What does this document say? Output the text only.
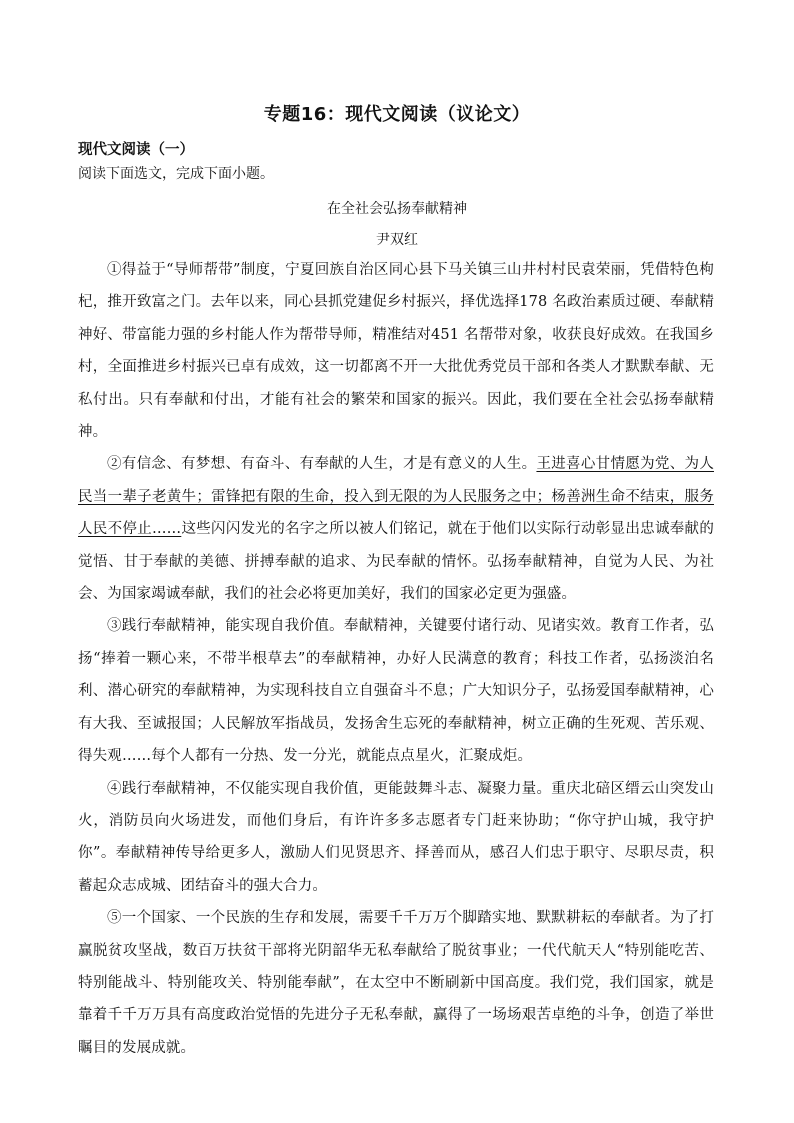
专题16：现代文阅读（议论文）
现代文阅读（一）
阅读下面选文，完成下面小题。
在全社会弘扬奉献精神
尹双红

①得益于“导师帮带”制度，宁夏回族自治区同心县下马关镇三山井村村民袁荣丽，凭借特色枸杞，推开致富之门。去年以来，同心县抓党建促乡村振兴，择优选择178 名政治素质过硬、奉献精神好、带富能力强的乡村能人作为帮带导师，精准结对451 名帮带对象，收获良好成效。在我国乡村，全面推进乡村振兴已卓有成效，这一切都离不开一大批优秀党员干部和各类人才默默奉献、无私付出。只有奉献和付出，才能有社会的繁荣和国家的振兴。因此，我们要在全社会弘扬奉献精神。

②有信念、有梦想、有奋斗、有奉献的人生，才是有意义的人生。王进喜心甘情愿为党、为人民当一辈子老黄牛；雷锋把有限的生命，投入到无限的为人民服务之中；杨善洲生命不结束，服务人民不停止……这些闪闪发光的名字之所以被人们铭记，就在于他们以实际行动彰显出忠诚奉献的觉悟、甘于奉献的美德、拼搏奉献的追求、为民奉献的情怀。弘扬奉献精神，自觉为人民、为社会、为国家竭诚奉献，我们的社会必将更加美好，我们的国家必定更为强盛。

③践行奉献精神，能实现自我价值。奉献精神，关键要付诸行动、见诸实效。教育工作者，弘扬“捧着一颗心来，不带半根草去”的奉献精神，办好人民满意的教育；科技工作者，弘扬淡泊名利、潜心研究的奉献精神，为实现科技自立自强奋斗不息；广大知识分子，弘扬爱国奉献精神，心有大我、至诚报国；人民解放军指战员，发扬舍生忘死的奉献精神，树立正确的生死观、苦乐观、得失观……每个人都有一分热、发一分光，就能点点星火，汇聚成炬。

④践行奉献精神，不仅能实现自我价值，更能鼓舞斗志、凝聚力量。重庆北碚区缙云山突发山火，消防员向火场进发，而他们身后，有许许多多志愿者专门赶来协助；“你守护山城，我守护你”。奉献精神传导给更多人，激励人们见贤思齐、择善而从，感召人们忠于职守、尽职尽责，积蓄起众志成城、团结奋斗的强大合力。

⑤一个国家、一个民族的生存和发展，需要千千万万个脚踏实地、默默耕耘的奉献者。为了打赢脱贫攻坚战，数百万扶贫干部将光阴韶华无私奉献给了脱贫事业；一代代航天人“特别能吃苦、特别能战斗、特别能攻关、特别能奉献”，在太空中不断刷新中国高度。我们党，我们国家，就是靠着千千万万具有高度政治觉悟的先进分子无私奉献，赢得了一场场艰苦卓绝的斗争，创造了举世瞩目的发展成就。
